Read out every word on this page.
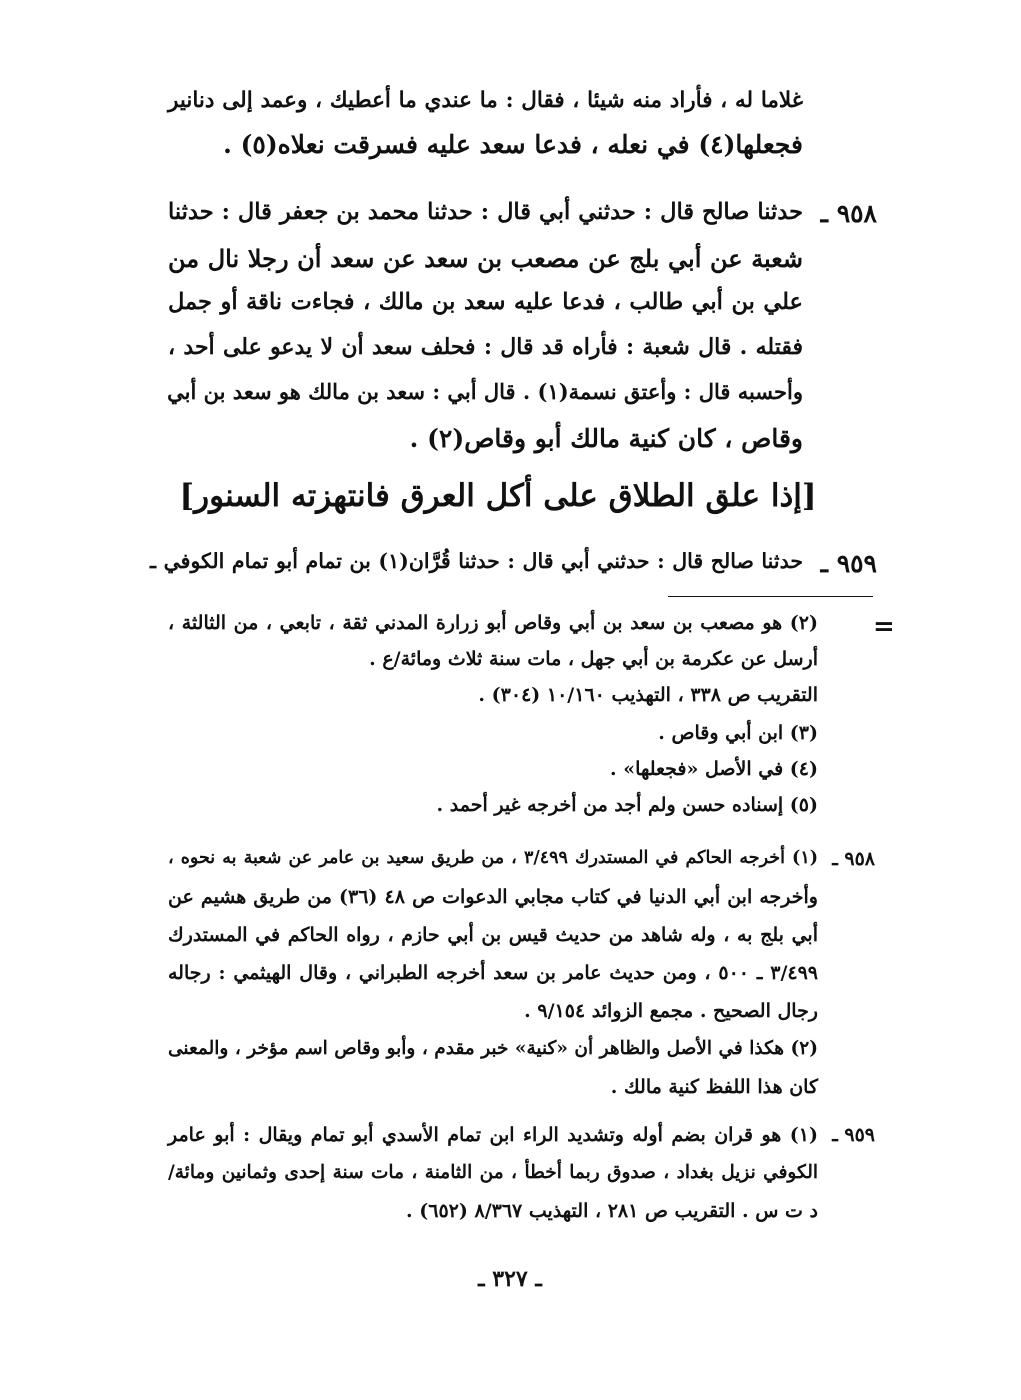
غلاما له ، فأراد منه شيئا ، فقال : ما عندي ما أعطيك ، وعمد إلى دنانير
فجعلها(٤) في نعله ، فدعا سعد عليه فسرقت نعلاه(٥) .
٩٥٨ ـ
حدثنا صالح قال : حدثني أبي قال : حدثنا محمد بن جعفر قال : حدثنا
شعبة عن أبي بلج عن مصعب بن سعد عن سعد أن رجلا نال من
علي بن أبي طالب ، فدعا عليه سعد بن مالك ، فجاءت ناقة أو جمل
فقتله . قال شعبة : فأراه قد قال : فحلف سعد أن لا يدعو على أحد ،
وأحسبه قال : وأعتق نسمة(١) . قال أبي : سعد بن مالك هو سعد بن أبي
وقاص ، كان كنية مالك أبو وقاص(٢) .
[إذا علق الطلاق على أكل العرق فانتهزته السنور]
٩٥٩ ـ
حدثنا صالح قال : حدثني أبي قال : حدثنا قُرَّان(١) بن تمام أبو تمام الكوفي ـ
=
(٢) هو مصعب بن سعد بن أبي وقاص أبو زرارة المدني ثقة ، تابعي ، من الثالثة ،
أرسل عن عكرمة بن أبي جهل ، مات سنة ثلاث ومائة/ع .
التقريب ص ٣٣٨ ، التهذيب ١٠/١٦٠ (٣٠٤) .
(٣) ابن أبي وقاص .
(٤) في الأصل «فجعلها» .
(٥) إسناده حسن ولم أجد من أخرجه غير أحمد .
٩٥٨ ـ
(١) أخرجه الحاكم في المستدرك ٣/٤٩٩ ، من طريق سعيد بن عامر عن شعبة به نحوه ،
وأخرجه ابن أبي الدنيا في كتاب مجابي الدعوات ص ٤٨ (٣٦) من طريق هشيم عن
أبي بلج به ، وله شاهد من حديث قيس بن أبي حازم ، رواه الحاكم في المستدرك
٣/٤٩٩ ـ ٥٠٠ ، ومن حديث عامر بن سعد أخرجه الطبراني ، وقال الهيثمي : رجاله
رجال الصحيح . مجمع الزوائد ٩/١٥٤ .
(٢) هكذا في الأصل والظاهر أن «كنية» خبر مقدم ، وأبو وقاص اسم مؤخر ، والمعنى
كان هذا اللفظ كنية مالك .
٩٥٩ ـ
(١) هو قران بضم أوله وتشديد الراء ابن تمام الأسدي أبو تمام ويقال : أبو عامر
الكوفي نزيل بغداد ، صدوق ربما أخطأ ، من الثامنة ، مات سنة إحدى وثمانين ومائة/
د ت س . التقريب ص ٢٨١ ، التهذيب ٨/٣٦٧ (٦٥٢) .
ـ ٣٢٧ ـ
